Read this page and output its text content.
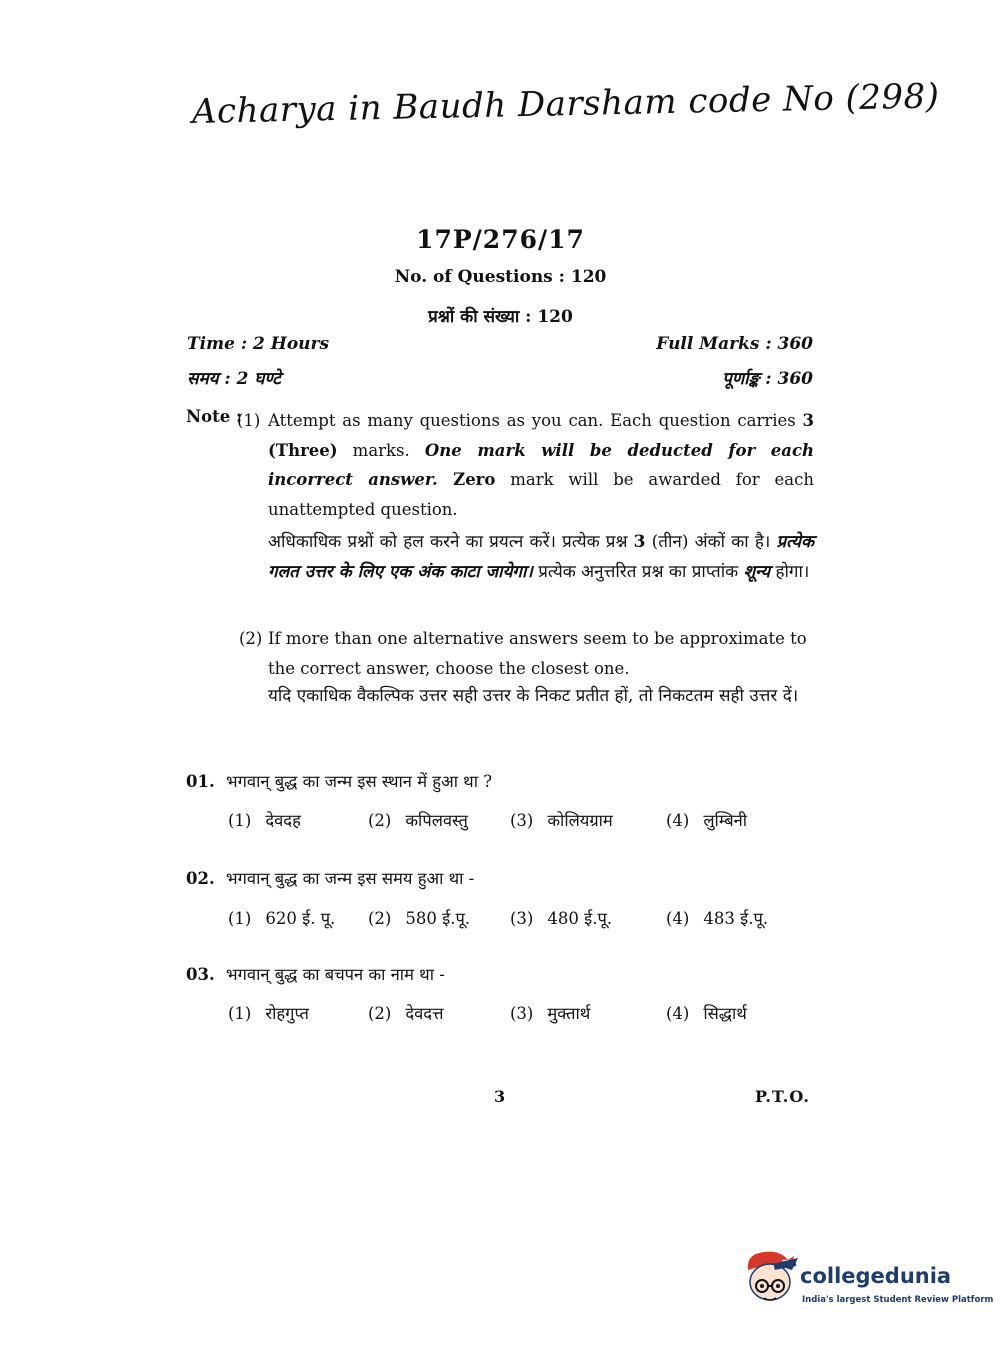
Acharya in Baudh Darsham code No (298)
17P/276/17
No. of Questions : 120
प्रश्नों की संख्या : 120
Time : 2 Hours
समय : 2 घण्टे
Full Marks : 360
पूर्णाङ्क : 360
Note :
(1) Attempt as many questions as you can. Each question carries 3 (Three) marks. One mark will be deducted for each incorrect answer. Zero mark will be awarded for each unattempted question.
अधिकाधिक प्रश्नों को हल करने का प्रयत्न करें। प्रत्येक प्रश्न 3 (तीन) अंकों का है। प्रत्येक गलत उत्तर के लिए एक अंक काटा जायेगा। प्रत्येक अनुत्तरित प्रश्न का प्राप्तांक शून्य होगा।
(2) If more than one alternative answers seem to be approximate to the correct answer, choose the closest one.
यदि एकाधिक वैकल्पिक उत्तर सही उत्तर के निकट प्रतीत हों, तो निकटतम सही उत्तर दें।
01. भगवान् बुद्ध का जन्म इस स्थान में हुआ था ?
(1) देवदह	(2) कपिलवस्तु	(3) कोलियग्राम	(4) लुम्बिनी
02. भगवान् बुद्ध का जन्म इस समय हुआ था -
(1) 620 ई. पू. (2) 580 ई.पू. (3) 480 ई.पू.	(4) 483 ई.पू.
03. भगवान् बुद्ध का बचपन का नाम था -
(1) रोहगुप्त	(2) देवदत्त	(3) मुक्तार्थ	(4) सिद्धार्थ
3	P.T.O.
collegedunia
India's largest Student Review Platform
